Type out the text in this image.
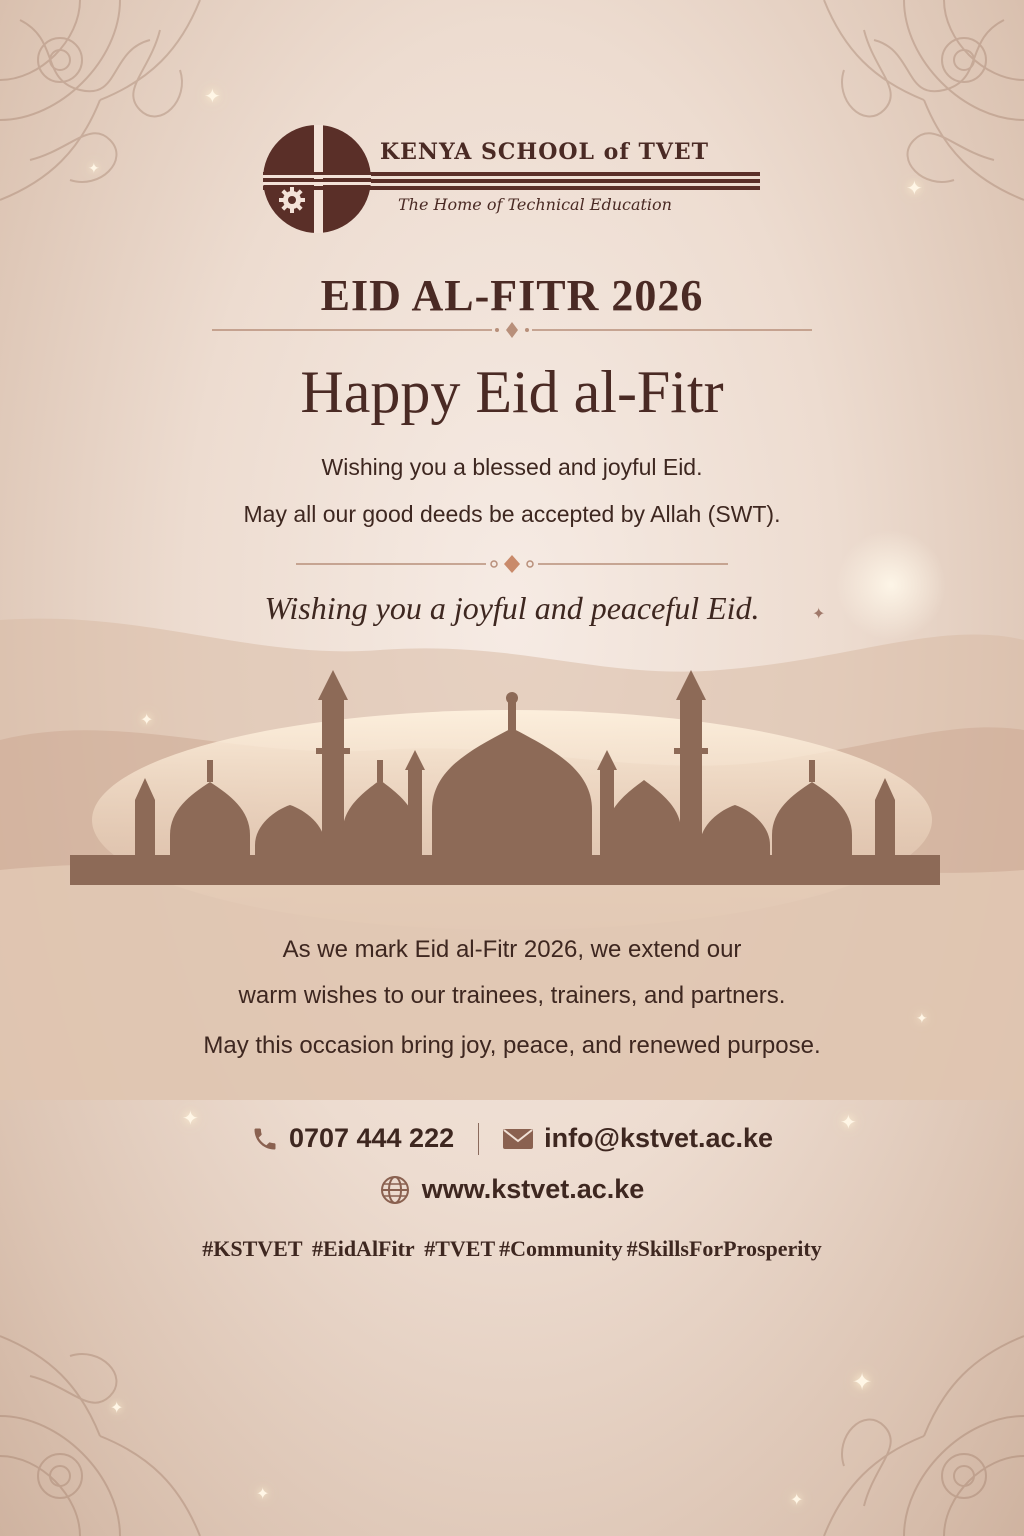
✦
✦
✦
✦
✦
✦	✦
✦
✦
✦
✦	✦
KENYA SCHOOL of TVET
The Home of Technical Education
EID AL-FITR 2026
Happy Eid al-Fitr
Wishing you a blessed and joyful Eid.
May all our good deeds be accepted by Allah (SWT).
Wishing you a joyful and peaceful Eid.
As we mark Eid al-Fitr 2026, we extend our
warm wishes to our trainees, trainers, and partners.
May this occasion bring joy, peace, and renewed purpose.
0707 444 222
	info@kstvet.ac.ke
www.kstvet.ac.ke
#KSTVET #EidAlFitr #TVET #Community #SkillsForProsperity
